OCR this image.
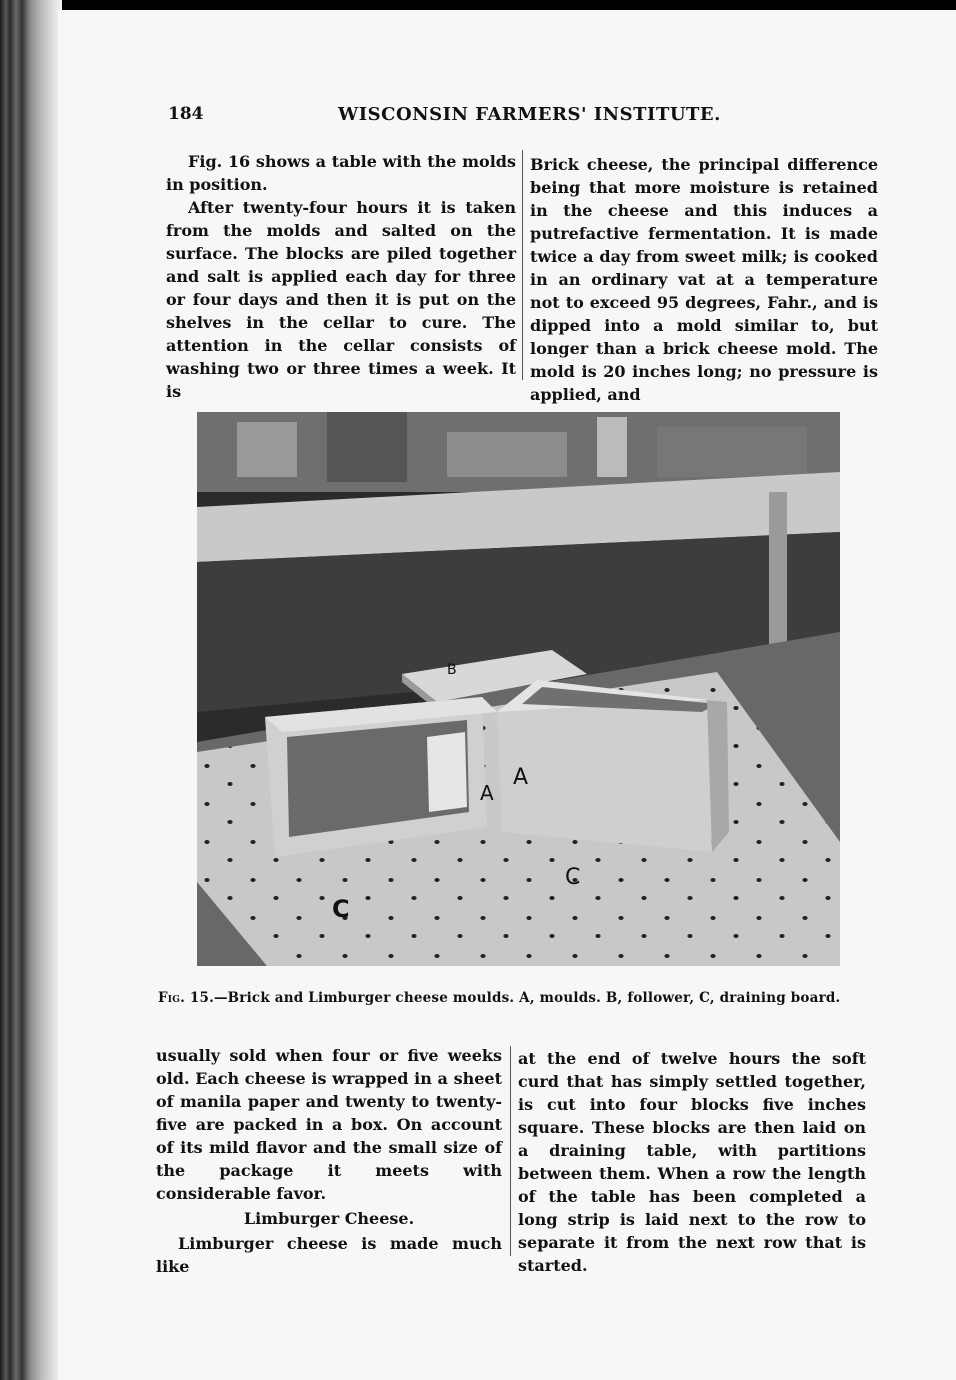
184	WISCONSIN FARMERS' INSTITUTE.

Fig. 16 shows a table with the molds in position.

After twenty-four hours it is taken from the molds and salted on the surface. The blocks are piled together and salt is applied each day for three or four days and then it is put on the shelves in the cellar to cure. The attention in the cellar consists of washing two or three times a week. It is

Brick cheese, the principal difference being that more moisture is retained in the cheese and this induces a putrefactive fermentation. It is made twice a day from sweet milk; is cooked in an ordinary vat at a temperature not to exceed 95 degrees, Fahr., and is dipped into a mold similar to, but longer than a brick cheese mold. The mold is 20 inches long; no pressure is applied, and

B
A
A
C
C
Fig. 15.—Brick and Limburger cheese moulds. A, moulds. B, follower, C, draining board.

usually sold when four or five weeks old. Each cheese is wrapped in a sheet of manila paper and twenty to twenty-five are packed in a box. On account of its mild flavor and the small size of the package it meets with considerable favor.

Limburger Cheese.

Limburger cheese is made much like

at the end of twelve hours the soft curd that has simply settled together, is cut into four blocks five inches square. These blocks are then laid on a draining table, with partitions between them. When a row the length of the table has been completed a long strip is laid next to the row to separate it from the next row that is started.
